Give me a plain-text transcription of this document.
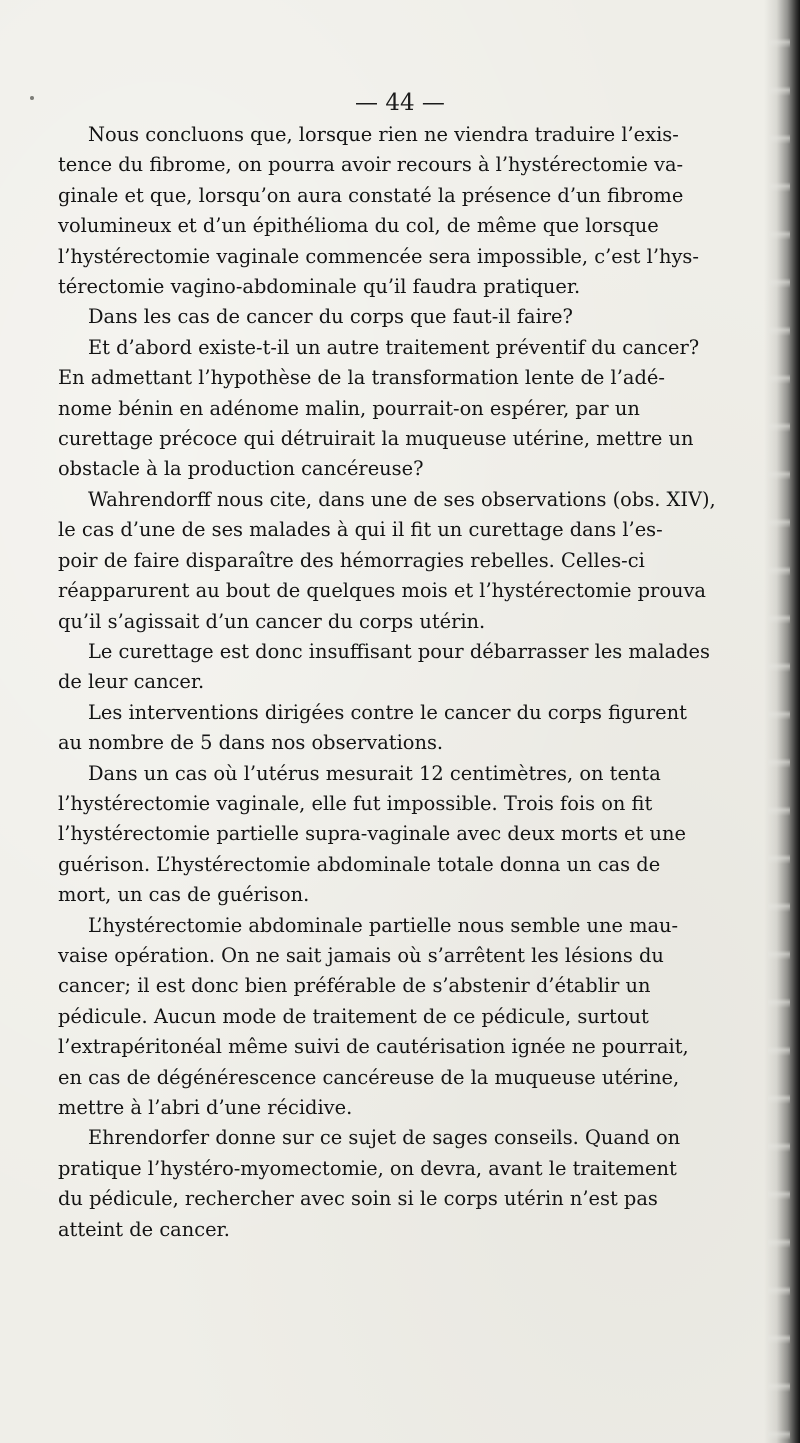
— 44 —
Nous concluons que, lorsque rien ne viendra traduire l’exis-
tence du fibrome, on pourra avoir recours à l’hystérectomie va-
ginale et que, lorsqu’on aura constaté la présence d’un fibrome
volumineux et d’un épithélioma du col, de même que lorsque
l’hystérectomie vaginale commencée sera impossible, c’est l’hys-
térectomie vagino-abdominale qu’il faudra pratiquer.
Dans les cas de cancer du corps que faut-il faire?
Et d’abord existe-t-il un autre traitement préventif du cancer?
En admettant l’hypothèse de la transformation lente de l’adé-
nome bénin en adénome malin, pourrait-on espérer, par un
curettage précoce qui détruirait la muqueuse utérine, mettre un
obstacle à la production cancéreuse?
Wahrendorff nous cite, dans une de ses observations (obs. XIV),
le cas d’une de ses malades à qui il fit un curettage dans l’es-
poir de faire disparaître des hémorragies rebelles. Celles-ci
réapparurent au bout de quelques mois et l’hystérectomie prouva
qu’il s’agissait d’un cancer du corps utérin.
Le curettage est donc insuffisant pour débarrasser les malades
de leur cancer.
Les interventions dirigées contre le cancer du corps figurent
au nombre de 5 dans nos observations.
Dans un cas où l’utérus mesurait 12 centimètres, on tenta
l’hystérectomie vaginale, elle fut impossible. Trois fois on fit
l’hystérectomie partielle supra-vaginale avec deux morts et une
guérison. L’hystérectomie abdominale totale donna un cas de
mort, un cas de guérison.
L’hystérectomie abdominale partielle nous semble une mau-
vaise opération. On ne sait jamais où s’arrêtent les lésions du
cancer; il est donc bien préférable de s’abstenir d’établir un
pédicule. Aucun mode de traitement de ce pédicule, surtout
l’extrapéritonéal même suivi de cautérisation ignée ne pourrait,
en cas de dégénérescence cancéreuse de la muqueuse utérine,
mettre à l’abri d’une récidive.
Ehrendorfer donne sur ce sujet de sages conseils. Quand on
pratique l’hystéro-myomectomie, on devra, avant le traitement
du pédicule, rechercher avec soin si le corps utérin n’est pas
atteint de cancer.
